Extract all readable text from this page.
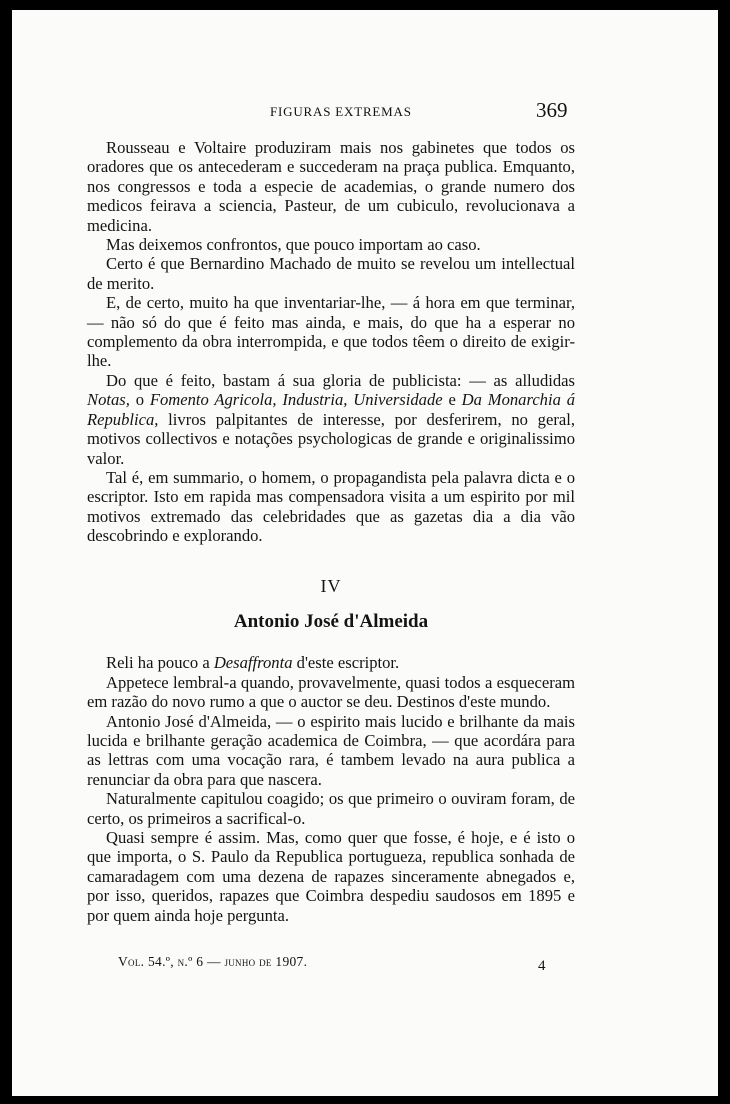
FIGURAS EXTREMAS	369

Rousseau e Voltaire produziram mais nos gabinetes que todos os oradores que os antecederam e succederam na praça publica. Emquanto, nos congressos e toda a especie de academias, o grande numero dos medicos feirava a sciencia, Pasteur, de um cubiculo, revolucionava a medicina.

Mas deixemos confrontos, que pouco importam ao caso.

Certo é que Bernardino Machado de muito se revelou um intellectual de merito.

E, de certo, muito ha que inventariar-lhe, — á hora em que terminar, — não só do que é feito mas ainda, e mais, do que ha a esperar no complemento da obra interrompida, e que todos têem o direito de exigir-lhe.

Do que é feito, bastam á sua gloria de publicista: — as alludidas Notas, o Fomento Agricola, Industria, Universidade e Da Monarchia á Republica, livros palpitantes de interesse, por desferirem, no geral, motivos collectivos e notações psychologicas de grande e originalissimo valor.

Tal é, em summario, o homem, o propagandista pela palavra dicta e o escriptor. Isto em rapida mas compensadora visita a um espirito por mil motivos extremado das celebridades que as gazetas dia a dia vão descobrindo e explorando.

IV
Antonio José d'Almeida

Reli ha pouco a Desaffronta d'este escriptor.

Appetece lembral-a quando, provavelmente, quasi todos a esqueceram em razão do novo rumo a que o auctor se deu. Destinos d'este mundo.

Antonio José d'Almeida, — o espirito mais lucido e brilhante da mais lucida e brilhante geração academica de Coimbra, — que acordára para as lettras com uma vocação rara, é tambem levado na aura publica a renunciar da obra para que nascera.

Naturalmente capitulou coagido; os que primeiro o ouviram foram, de certo, os primeiros a sacrifical-o.

Quasi sempre é assim. Mas, como quer que fosse, é hoje, e é isto o que importa, o S. Paulo da Republica portugueza, republica sonhada de camaradagem com uma dezena de rapazes sinceramente abnegados e, por isso, queridos, rapazes que Coimbra despediu saudosos em 1895 e por quem ainda hoje pergunta.

Vol. 54.º, n.º 6 — junho de 1907.	4
